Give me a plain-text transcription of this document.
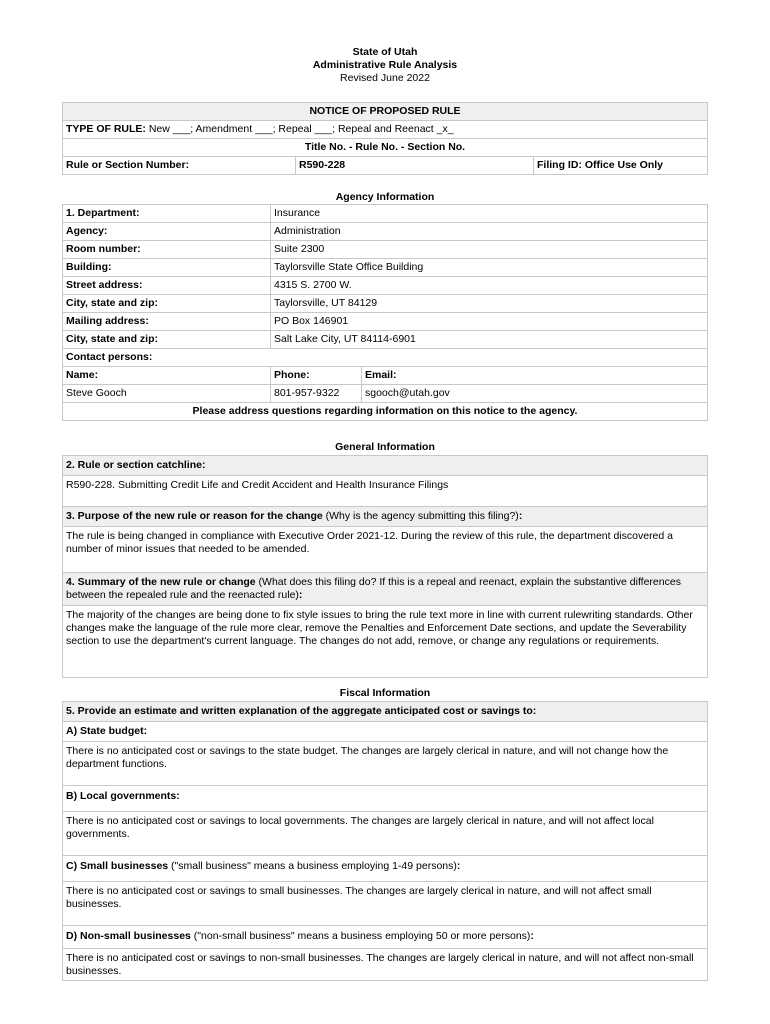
State of Utah
Administrative Rule Analysis
Revised June 2022
NOTICE OF PROPOSED RULE
TYPE OF RULE: New ___; Amendment ___; Repeal ___; Repeal and Reenact _x_
Title No. - Rule No. - Section No.
Rule or Section Number:	R590-228	Filing ID: Office Use Only
Agency Information
1. Department:	Insurance
Agency:	Administration
Room number:	Suite 2300
Building:	Taylorsville State Office Building
Street address:	4315 S. 2700 W.
City, state and zip:	Taylorsville, UT 84129
Mailing address:	PO Box 146901
City, state and zip:	Salt Lake City, UT 84114-6901
Contact persons:
Name:	Phone:	Email:
Steve Gooch	801-957-9322	sgooch@utah.gov
Please address questions regarding information on this notice to the agency.
General Information
2. Rule or section catchline:
R590-228. Submitting Credit Life and Credit Accident and Health Insurance Filings
3. Purpose of the new rule or reason for the change (Why is the agency submitting this filing?):
The rule is being changed in compliance with Executive Order 2021-12. During the review of this rule, the department discovered a number of minor issues that needed to be amended.
4. Summary of the new rule or change (What does this filing do? If this is a repeal and reenact, explain the substantive differences between the repealed rule and the reenacted rule):
The majority of the changes are being done to fix style issues to bring the rule text more in line with current rulewriting standards. Other changes make the language of the rule more clear, remove the Penalties and Enforcement Date sections, and update the Severability section to use the department's current language. The changes do not add, remove, or change any regulations or requirements.
Fiscal Information
5. Provide an estimate and written explanation of the aggregate anticipated cost or savings to:
A) State budget:
There is no anticipated cost or savings to the state budget. The changes are largely clerical in nature, and will not change how the department functions.
B) Local governments:
There is no anticipated cost or savings to local governments. The changes are largely clerical in nature, and will not affect local governments.
C) Small businesses ("small business" means a business employing 1-49 persons):
There is no anticipated cost or savings to small businesses. The changes are largely clerical in nature, and will not affect small businesses.
D) Non-small businesses ("non-small business" means a business employing 50 or more persons):
There is no anticipated cost or savings to non-small businesses. The changes are largely clerical in nature, and will not affect non-small businesses.
